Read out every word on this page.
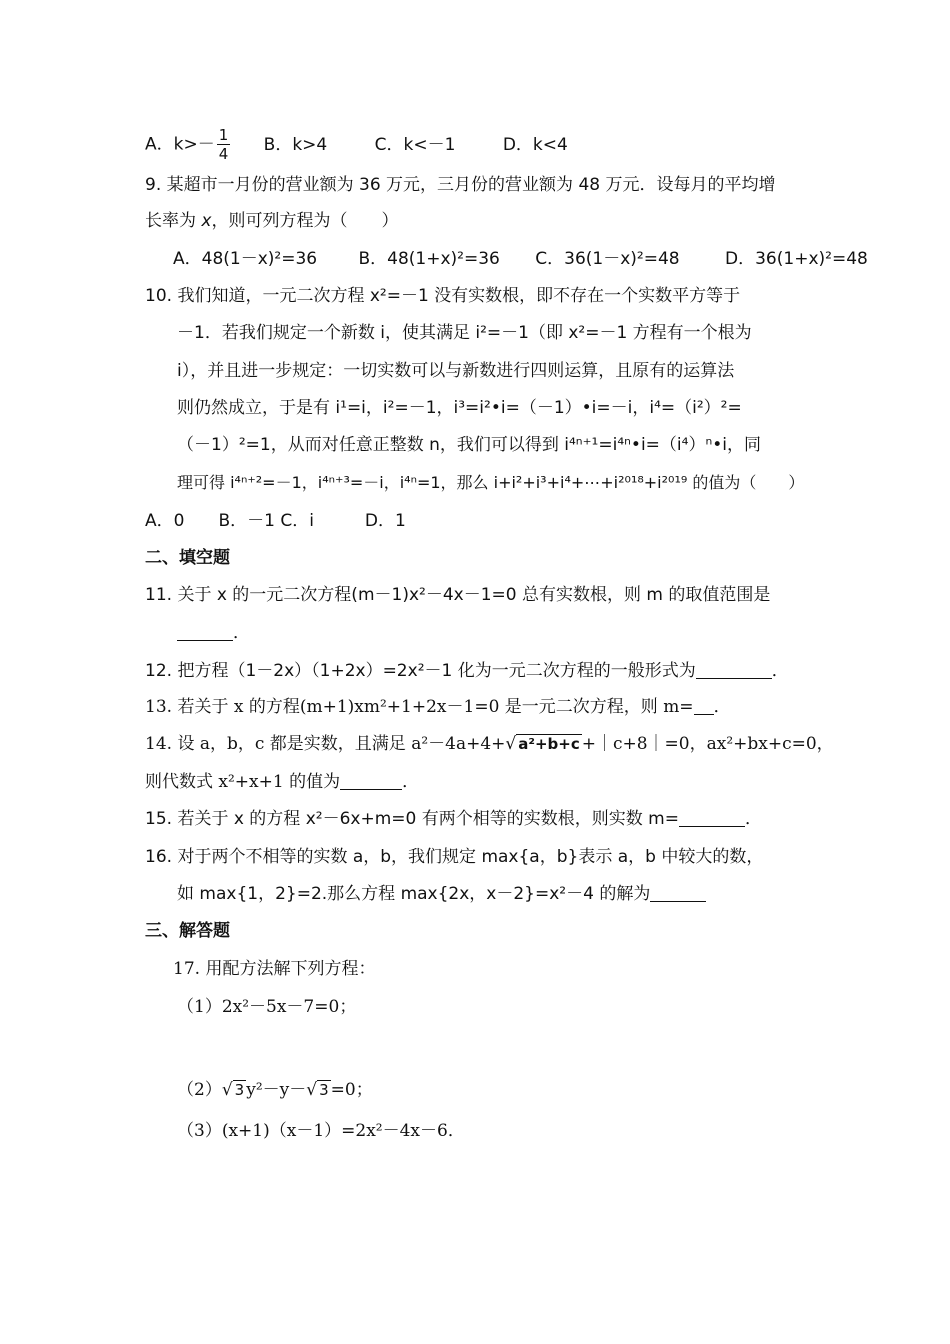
A．$k>- \frac{1}{4}$ B．k>4	C．k<－1	D．k<4
9. 某超市一月份的营业额为 36 万元，三月份的营业额为 48 万元．设每月的平均增
长率为 x，则可列方程为（　　）
A．48(1－x)²=36 B．48(1+x)²=36 C．36(1－x)²=48	D．36(1+x)²=48
10. 我们知道，一元二次方程 x²=－1 没有实数根，即不存在一个实数平方等于
－1．若我们规定一个新数 i，使其满足 i²=－1（即 x²=－1 方程有一个根为
i），并且进一步规定：一切实数可以与新数进行四则运算，且原有的运算法
则仍然成立，于是有 i¹=i，i²=－1，i³=i²•i=（－1）•i=－i，i⁴=（i²）²=
（－1）²=1，从而对任意正整数 n，我们可以得到 i⁴ⁿ⁺¹=i⁴ⁿ•i=（i⁴）ⁿ•i，同
理可得 i⁴ⁿ⁺²=－1，i⁴ⁿ⁺³=－i，i⁴ⁿ=1，那么 i+i²+i³+i⁴+⋯+i²⁰¹⁸+i²⁰¹⁹ 的值为（　　）
A．0　　B．－1 C．i　　　D．1
二、填空题
11. 关于 x 的一元二次方程(m－1)x²－4x－1=0 总有实数根，则 m 的取值范围是
．
12. 把方程（1－2x）（1+2x）=2x²－1 化为一元二次方程的一般形式为	．
13. 若关于 x 的方程(m+1)xm²+1+2x－1=0 是一元二次方程，则 m= ．
14. 设 a，b，c 都是实数，且满足 a²－4a+4+√ a²+b+c +｜c+8｜=0，ax²+bx+c=0，
则代数式 x²+x+1 的值为	．
15. 若关于 x 的方程 x²－6x+m=0 有两个相等的实数根，则实数 m=	．
16. 对于两个不相等的实数 a，b，我们规定 max{a，b}表示 a，b 中较大的数，
如 max{1，2}=2.那么方程 max{2x，x－2}=x²－4 的解为
三、解答题
17. 用配方法解下列方程：
（1）2x²－5x－7=0；
（2）√ 3 y²－y－√ 3 =0；
（3）(x+1)（x－1）=2x²－4x－6．
